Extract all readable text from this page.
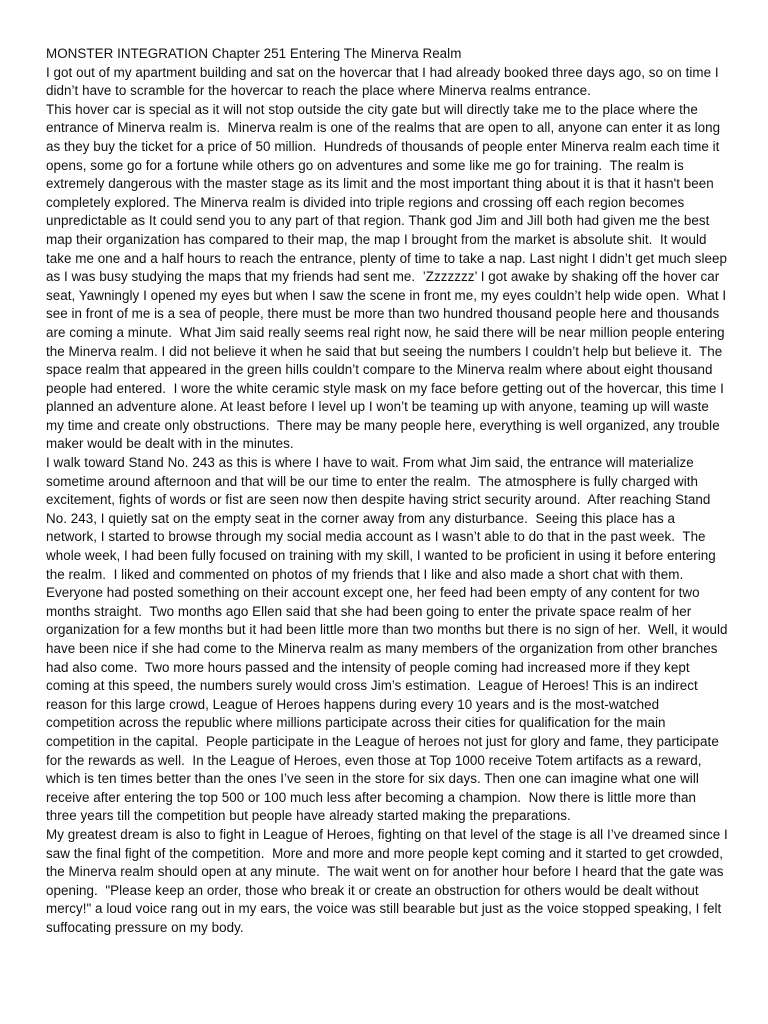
MONSTER INTEGRATION Chapter 251 Entering The Minerva Realm

I got out of my apartment building and sat on the hovercar that I had already booked three days ago, so on time I didn’t have to scramble for the hovercar to reach the place where Minerva realms entrance.

This hover car is special as it will not stop outside the city gate but will directly take me to the place where the entrance of Minerva realm is.  Minerva realm is one of the realms that are open to all, anyone can enter it as long as they buy the ticket for a price of 50 million.  Hundreds of thousands of people enter Minerva realm each time it opens, some go for a fortune while others go on adventures and some like me go for training.  The realm is extremely dangerous with the master stage as its limit and the most important thing about it is that it hasn't been completely explored. The Minerva realm is divided into triple regions and crossing off each region becomes unpredictable as It could send you to any part of that region. Thank god Jim and Jill both had given me the best map their organization has compared to their map, the map I brought from the market is absolute shit.  It would take me one and a half hours to reach the entrance, plenty of time to take a nap. Last night I didn’t get much sleep as I was busy studying the maps that my friends had sent me.  ’Zzzzzzz’ I got awake by shaking off the hover car seat, Yawningly I opened my eyes but when I saw the scene in front me, my eyes couldn’t help wide open.  What I see in front of me is a sea of people, there must be more than two hundred thousand people here and thousands are coming a minute.  What Jim said really seems real right now, he said there will be near million people entering the Minerva realm. I did not believe it when he said that but seeing the numbers I couldn’t help but believe it.  The space realm that appeared in the green hills couldn’t compare to the Minerva realm where about eight thousand people had entered.  I wore the white ceramic style mask on my face before getting out of the hovercar, this time I planned an adventure alone. At least before I level up I won’t be teaming up with anyone, teaming up will waste my time and create only obstructions.  There may be many people here, everything is well organized, any trouble maker would be dealt with in the minutes.

I walk toward Stand No. 243 as this is where I have to wait. From what Jim said, the entrance will materialize sometime around afternoon and that will be our time to enter the realm.  The atmosphere is fully charged with excitement, fights of words or fist are seen now then despite having strict security around.  After reaching Stand No. 243, I quietly sat on the empty seat in the corner away from any disturbance.  Seeing this place has a network, I started to browse through my social media account as I wasn’t able to do that in the past week.  The whole week, I had been fully focused on training with my skill, I wanted to be proficient in using it before entering the realm.  I liked and commented on photos of my friends that I like and also made a short chat with them. Everyone had posted something on their account except one, her feed had been empty of any content for two months straight.  Two months ago Ellen said that she had been going to enter the private space realm of her organization for a few months but it had been little more than two months but there is no sign of her.  Well, it would have been nice if she had come to the Minerva realm as many members of the organization from other branches had also come.  Two more hours passed and the intensity of people coming had increased more if they kept coming at this speed, the numbers surely would cross Jim’s estimation.  League of Heroes! This is an indirect reason for this large crowd, League of Heroes happens during every 10 years and is the most-watched competition across the republic where millions participate across their cities for qualification for the main competition in the capital.  People participate in the League of heroes not just for glory and fame, they participate for the rewards as well.  In the League of Heroes, even those at Top 1000 receive Totem artifacts as a reward, which is ten times better than the ones I’ve seen in the store for six days. Then one can imagine what one will receive after entering the top 500 or 100 much less after becoming a champion.  Now there is little more than three years till the competition but people have already started making the preparations.

My greatest dream is also to fight in League of Heroes, fighting on that level of the stage is all I’ve dreamed since I saw the final fight of the competition.  More and more and more people kept coming and it started to get crowded, the Minerva realm should open at any minute.  The wait went on for another hour before I heard that the gate was opening.  "Please keep an order, those who break it or create an obstruction for others would be dealt without mercy!" a loud voice rang out in my ears, the voice was still bearable but just as the voice stopped speaking, I felt suffocating pressure on my body.
